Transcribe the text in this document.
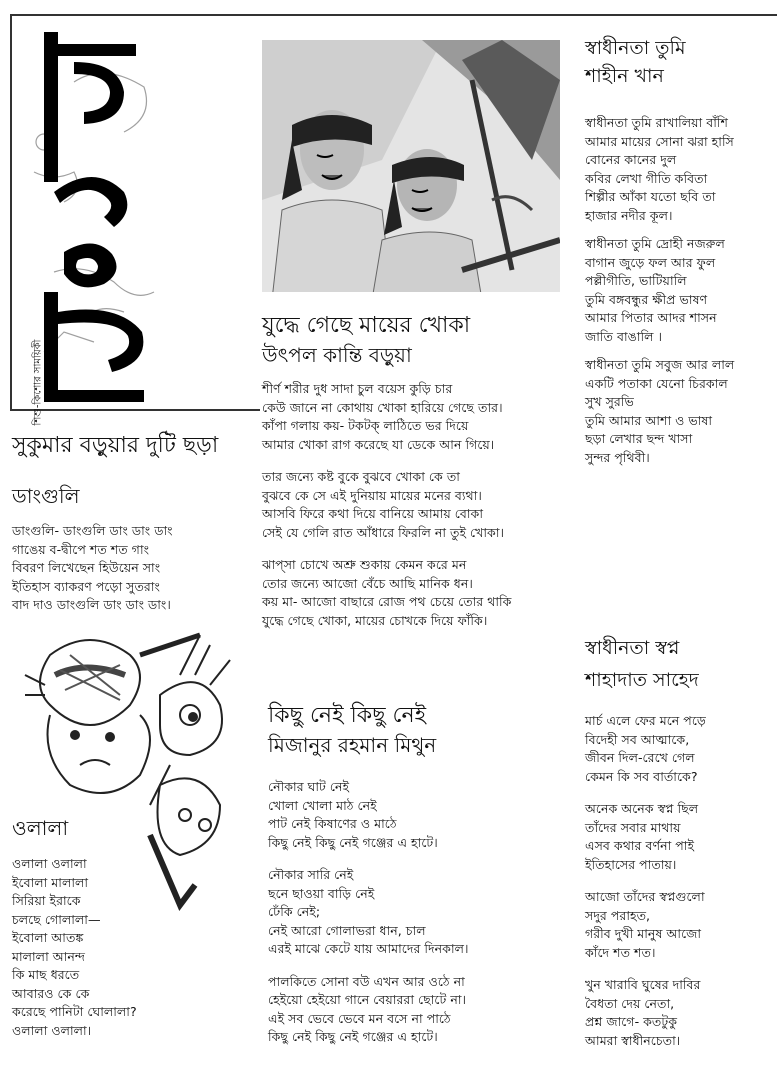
শিশু-কিশোর সাময়িকী
স্বাধীনতা তুমি
শাহীন খান

স্বাধীনতা তুমি রাখালিয়া বাঁশি
আমার মায়ের সোনা ঝরা হাসি
বোনের কানের দুল
কবির লেখা গীতি কবিতা
শিল্পীর আঁকা যতো ছবি তা
হাজার নদীর কূল।

স্বাধীনতা তুমি দ্রোহী নজরুল
বাগান জুড়ে ফল আর ফুল
পল্লীগীতি, ভাটিয়ালি
তুমি বঙ্গবন্ধুর ক্ষীপ্র ভাষণ
আমার পিতার আদর শাসন
জাতি বাঙালি ।

স্বাধীনতা তুমি সবুজ আর লাল
একটি পতাকা যেনো চিরকাল
সুখ সুরভি
তুমি আমার আশা ও ভাষা
ছড়া লেখার ছন্দ খাসা
সুন্দর পৃথিবী।

যুদ্ধে গেছে মায়ের খোকা
উৎপল কান্তি বড়ুয়া

শীর্ণ শরীর দুধ সাদা চুল বয়েস কুড়ি চার
কেউ জানে না কোথায় খোকা হারিয়ে গেছে তার।
কাঁপা গলায় কয়- টকটক্ লাঠিতে ভর দিয়ে
আমার খোকা রাগ করেছে যা ডেকে আন গিয়ে।

তার জন্যে কষ্ট বুকে বুঝবে খোকা কে তা
বুঝবে কে সে এই দুনিয়ায় মায়ের মনের ব্যথা।
আসবি ফিরে কথা দিয়ে বানিয়ে আমায় বোকা
সেই যে গেলি রাত আঁধারে ফিরলি না তুই খোকা।

ঝাপ্‌সা চোখে অশ্রু শুকায় কেমন করে মন
তোর জন্যে আজো বেঁচে আছি মানিক ধন।
কয় মা- আজো বাছারে রোজ পথ চেয়ে তোর থাকি
যুদ্ধে গেছে খোকা, মায়ের চোখকে দিয়ে ফাঁকি।

সুকুমার বড়ুয়ার দুটি ছড়া
ডাংগুলি

ডাংগুলি- ডাংগুলি ডাং ডাং ডাং
গাঙেয় ব-দ্বীপে শত শত গাং
বিবরণ লিখেছেন হিউয়েন সাং
ইতিহাস ব্যাকরণ পড়ো সুতরাং
বাদ দাও ডাংগুলি ডাং ডাং ডাং।

ওলালা

ওলালা ওলালা
ইবোলা মালালা
সিরিয়া ইরাকে
চলছে গোলালা—
ইবোলা আতঙ্ক
মালালা আনন্দ
কি মাছ ধরতে
আবারও কে কে
করেছে পানিটা ঘোলালা?
ওলালা ওলালা।

কিছু নেই কিছু নেই
মিজানুর রহমান মিথুন

নৌকার ঘাট নেই
খোলা খোলা মাঠ নেই
পাট নেই কিষাণের ও মাঠে
কিছু নেই কিছু নেই গঞ্জের এ হাটে।

নৌকার সারি নেই
ছনে ছাওয়া বাড়ি নেই
ঢেঁকি নেই;
নেই আরো গোলাভরা ধান, চাল
এরই মাঝে কেটে যায় আমাদের দিনকাল।

পালকিতে সোনা বউ এখন আর ওঠে না
হেইয়ো হেইয়ো গানে বেয়াররা ছোটে না।
এই সব ভেবে ভেবে মন বসে না পাঠে
কিছু নেই কিছু নেই গঞ্জের এ হাটে।

স্বাধীনতা স্বপ্ন
শাহাদাত সাহেদ

মার্চ এলে ফের মনে পড়ে
বিদেহী সব আত্মাকে,
জীবন দিল-রেখে গেল
কেমন কি সব বার্তাকে?

অনেক অনেক স্বপ্ন ছিল
তাঁদের সবার মাথায়
এসব কথার বর্ণনা পাই
ইতিহাসের পাতায়।

আজো তাঁদের স্বপ্নগুলো
সদুর পরাহত,
গরীব দুখী মানুষ আজো
কাঁদে শত শত।

খুন খারাবি ঘুষের দাবির
বৈধতা দেয় নেতা,
প্রশ্ন জাগে- কতটুকু
আমরা স্বাধীনচেতা।
